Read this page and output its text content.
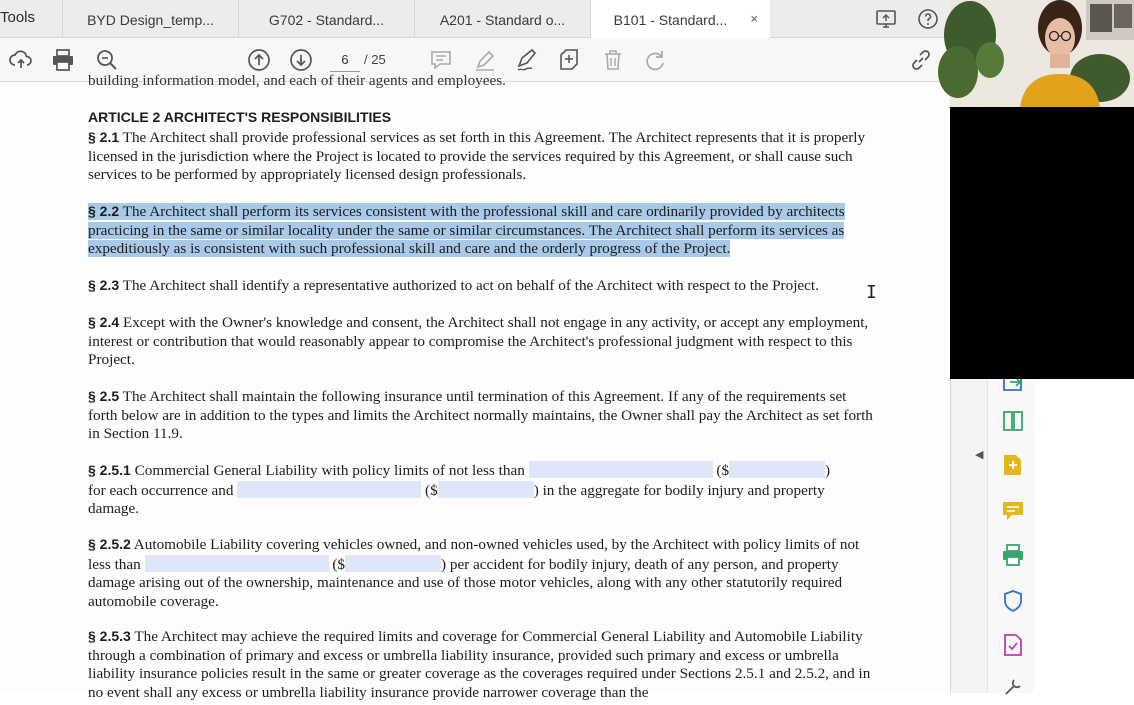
Tools	BYD Design_temp...	G702 - Standard...	A201 - Standard o...	B101 - Standard...	×
6	/ 25
building information model, and each of their agents and employees.
ARTICLE 2 ARCHITECT'S RESPONSIBILITIES
§ 2.1 The Architect shall provide professional services as set forth in this Agreement. The Architect represents that it is properly licensed in the jurisdiction where the Project is located to provide the services required by this Agreement, or shall cause such services to be performed by appropriately licensed design professionals.
§ 2.2 The Architect shall perform its services consistent with the professional skill and care ordinarily provided by architects practicing in the same or similar locality under the same or similar circumstances. The Architect shall perform its services as expeditiously as is consistent with such professional skill and care and the orderly progress of the Project.
§ 2.3 The Architect shall identify a representative authorized to act on behalf of the Architect with respect to the Project.
§ 2.4 Except with the Owner's knowledge and consent, the Architect shall not engage in any activity, or accept any employment, interest or contribution that would reasonably appear to compromise the Architect's professional judgment with respect to this Project.
§ 2.5 The Architect shall maintain the following insurance until termination of this Agreement. If any of the requirements set forth below are in addition to the types and limits the Architect normally maintains, the Owner shall pay the Architect as set forth in Section 11.9.
§ 2.5.1 Commercial General Liability with policy limits of not less than	($	)
for each occurrence and	($	) in the aggregate for bodily injury and property damage.
§ 2.5.2 Automobile Liability covering vehicles owned, and non-owned vehicles used, by the Architect with policy limits of not less than	($	) per accident for bodily injury, death of any person, and property damage arising out of the ownership, maintenance and use of those motor vehicles, along with any other statutorily required automobile coverage.
§ 2.5.3 The Architect may achieve the required limits and coverage for Commercial General Liability and Automobile Liability through a combination of primary and excess or umbrella liability insurance, provided such primary and excess or umbrella liability insurance policies result in the same or greater coverage as the coverages required under Sections 2.5.1 and 2.5.2, and in no event shall any excess or umbrella liability insurance provide narrower coverage than the
I
◀
